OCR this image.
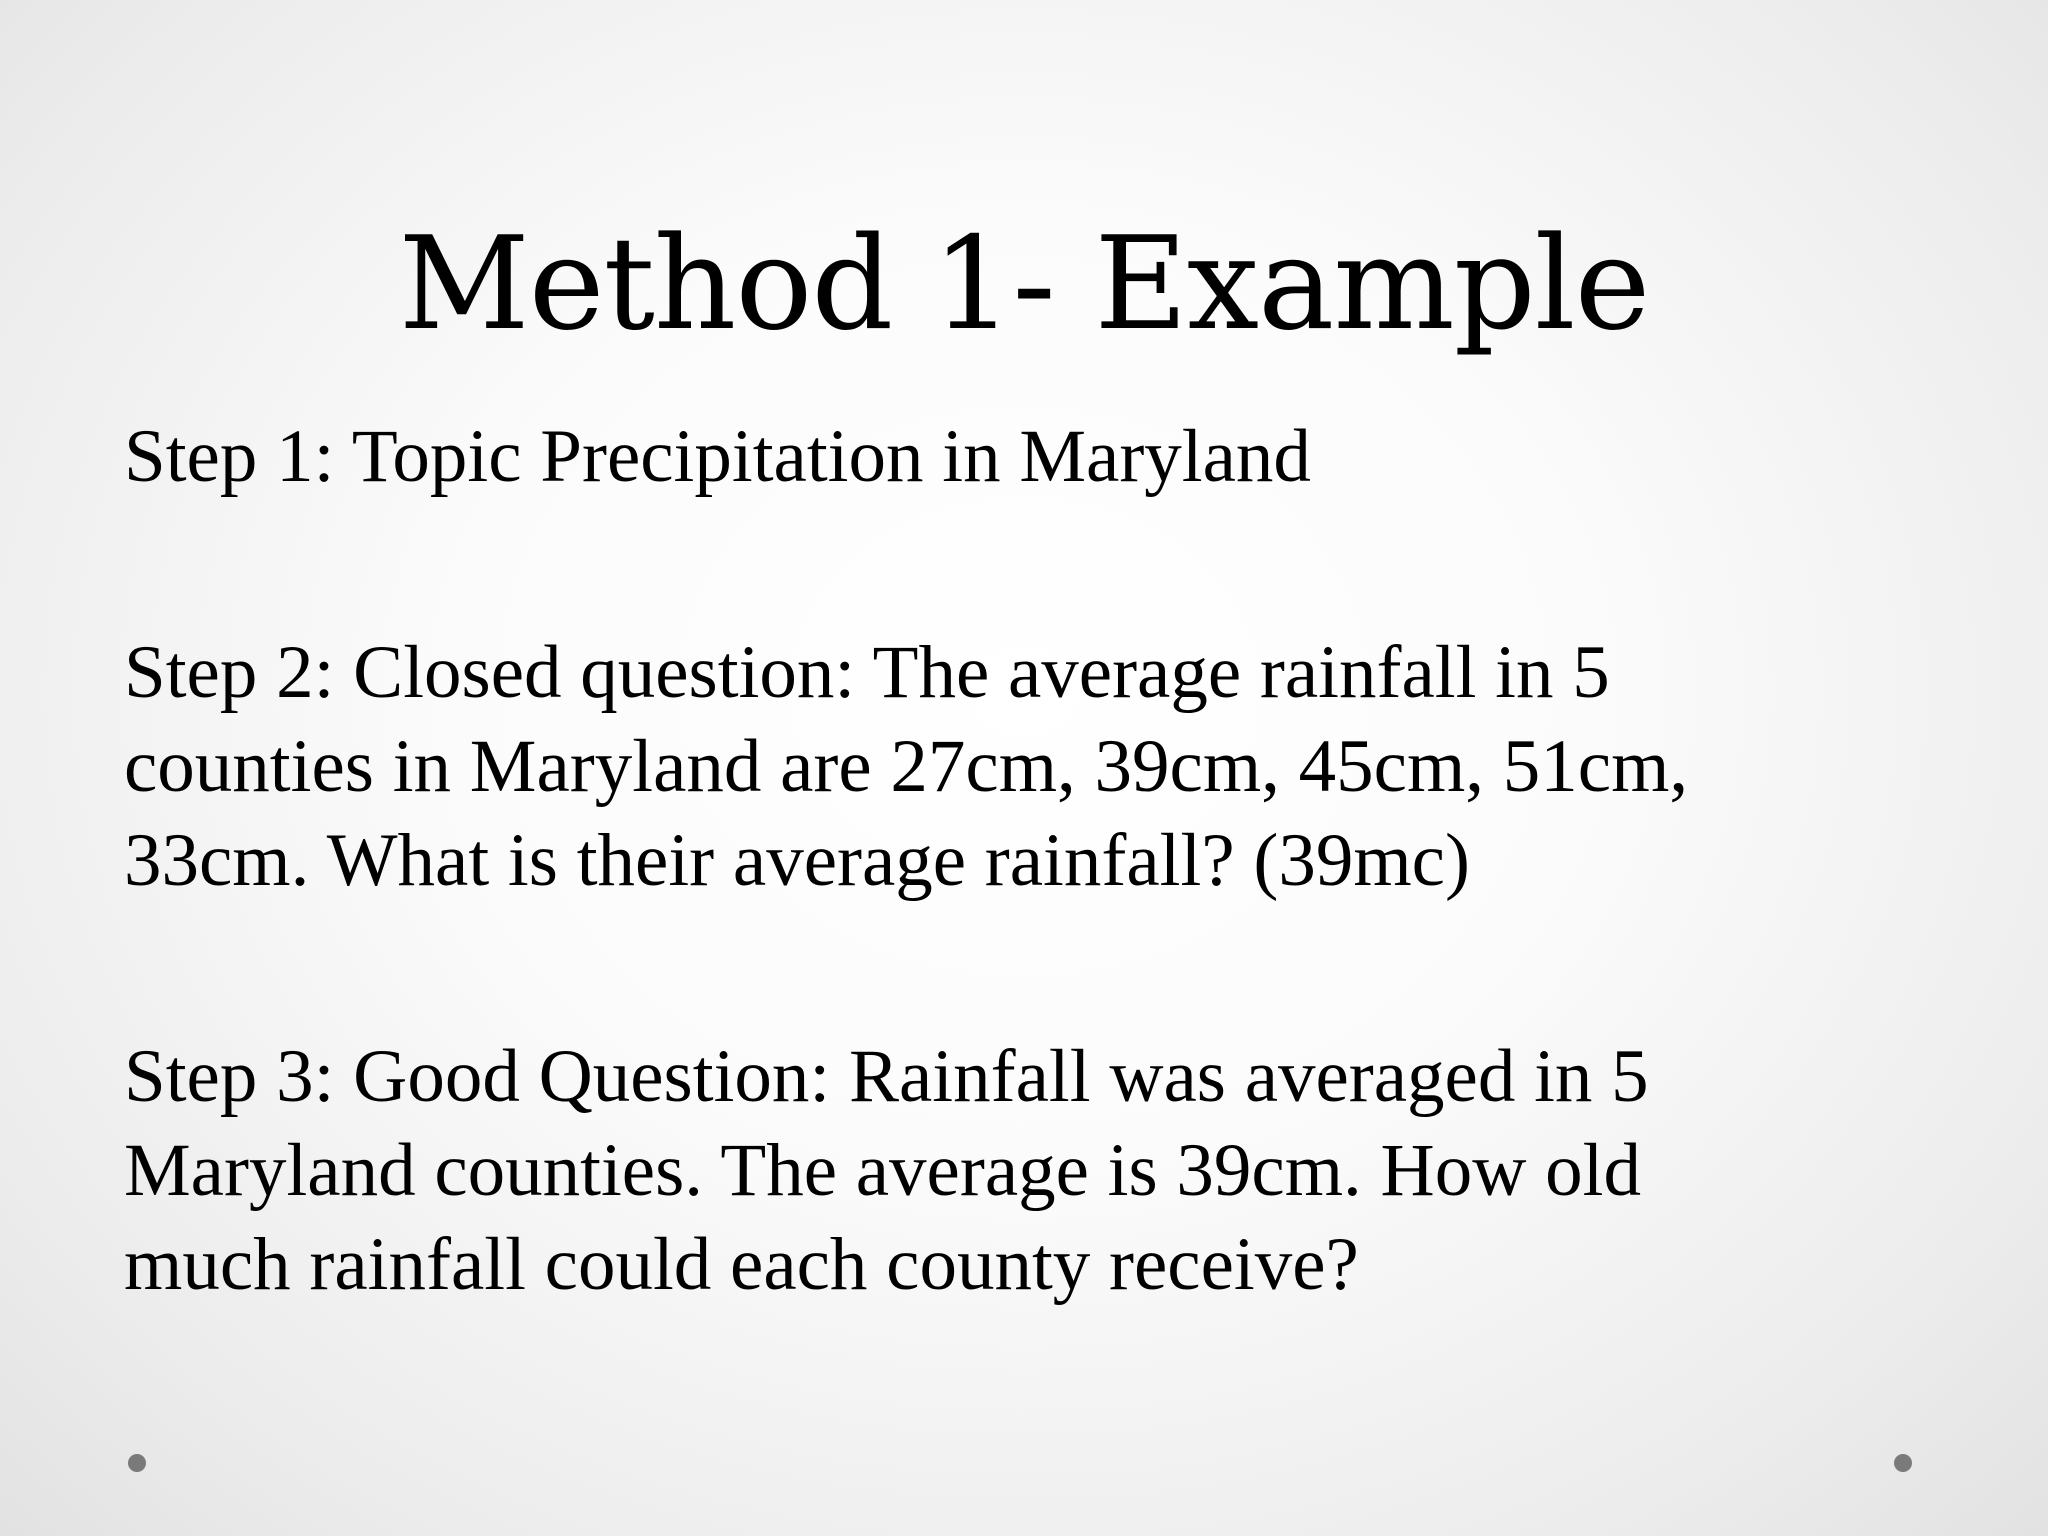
Method 1- Example

Step 1: Topic Precipitation in Maryland

Step 2: Closed question: The average rainfall in 5
counties in Maryland are 27cm, 39cm, 45cm, 51cm,
33cm. What is their average rainfall? (39mc)

Step 3: Good Question: Rainfall was averaged in 5
Maryland counties. The average is 39cm. How old
much rainfall could each county receive?
